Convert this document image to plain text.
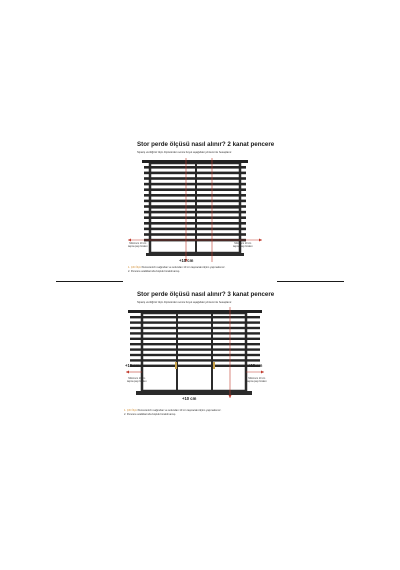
Stor perde ölçüsü nasıl alınır? 2 kanat pencere
Sipariş verdiğiniz ölçü ölçüsünden sonra boyut aşağıdaki yöntemi ile hesaplanır.
Minimum 10 cm
taşma payı bırakın
Minimum 10 cm
taşma payı bırakın
+10 cm
1. Çift Ölçü Pencerenizin sağından ve solundan 10 cm taşıracak ölçüm yapmalısınız.
2. Pencere aralıklarında boşluk bırakılmamış.
Stor perde ölçüsü nasıl alınır? 3 kanat pencere
Sipariş verdiğiniz ölçü ölçüsünden sonra boyut aşağıdaki yöntemi ile hesaplanır.
+10 cm	+10 cm
Minimum 10 cm
taşma payı bırakın
Minimum 10 cm
taşma payı bırakın
+10 cm
1. Çift Ölçü Pencerenizin sağından ve solundan 10 cm taşıracak ölçüm yapmalısınız.
2. Pencere aralıklarında boşluk bırakılmamış.
